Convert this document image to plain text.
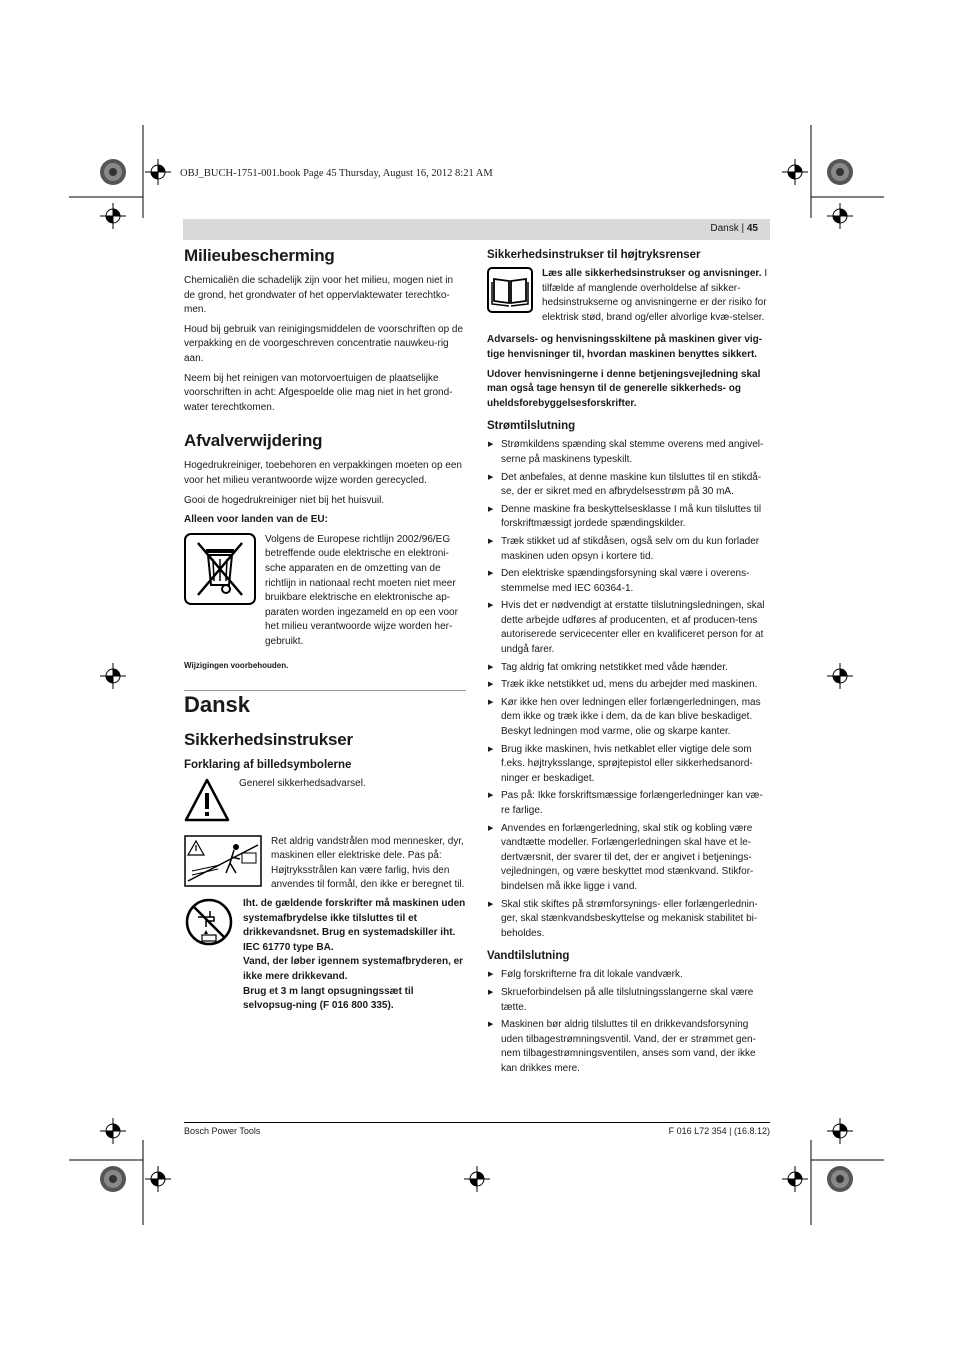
OBJ_BUCH-1751-001.book Page 45 Thursday, August 16, 2012 8:21 AM
Dansk | 45
Milieubescherming

Chemicaliën die schadelijk zijn voor het milieu, mogen niet in de grond, het grondwater of het oppervlaktewater terechtko-men.

Houd bij gebruik van reinigingsmiddelen de voorschriften op de verpakking en de voorgeschreven concentratie nauwkeu-rig aan.

Neem bij het reinigen van motorvoertuigen de plaatselijke voorschriften in acht: Afgespoelde olie mag niet in het grond-water terechtkomen.

Afvalverwijdering

Hogedrukreiniger, toebehoren en verpakkingen moeten op een voor het milieu verantwoorde wijze worden gerecycled.

Gooi de hogedrukreiniger niet bij het huisvuil.

Alleen voor landen van de EU:

Volgens de Europese richtlijn 2002/96/EG betreffende oude elektrische en elektroni-sche apparaten en de omzetting van de richtlijn in nationaal recht moeten niet meer bruikbare elektrische en elektronische ap-paraten worden ingezameld en op een voor het milieu verantwoorde wijze worden her-gebruikt.

Wijzigingen voorbehouden.

Dansk
Sikkerhedsinstrukser
Forklaring af billedsymbolerne
Generel sikkerhedsadvarsel.
Ret aldrig vandstrålen mod mennesker, dyr, maskinen eller elektriske dele. Pas på: Højtryksstrålen kan være farlig, hvis den anvendes til formål, den ikke er beregnet til.
Iht. de gældende forskrifter må maskinen uden systemafbrydelse ikke tilsluttes til et drikkevandsnet. Brug en systemadskiller iht. IEC 61770 type BA.
Vand, der løber igennem systemafbryderen, er ikke mere drikkevand.
Brug et 3 m langt opsugningssæt til selvopsug-ning (F 016 800 335).
Sikkerhedsinstrukser til højtryksrenser
Læs alle sikkerhedsinstrukser og anvisninger. I tilfælde af manglende overholdelse af sikker-hedsinstrukserne og anvisningerne er der risiko for elektrisk stød, brand og/eller alvorlige kvæ-stelser.

Advarsels- og henvisningsskiltene på maskinen giver vig-tige henvisninger til, hvordan maskinen benyttes sikkert.

Udover henvisningerne i denne betjeningsvejledning skal man også tage hensyn til de generelle sikkerheds- og uheldsforebyggelsesforskrifter.

Strømtilslutning
▶ Strømkildens spænding skal stemme overens med angivel-serne på maskinens typeskilt.
▶ Det anbefales, at denne maskine kun tilsluttes til en stikdå-se, der er sikret med en afbrydelsesstrøm på 30 mA.
▶ Denne maskine fra beskyttelsesklasse I må kun tilsluttes til forskriftmæssigt jordede spændingskilder.
▶ Træk stikket ud af stikdåsen, også selv om du kun forlader maskinen uden opsyn i kortere tid.
▶ Den elektriske spændingsforsyning skal være i overens-stemmelse med IEC 60364-1.
▶ Hvis det er nødvendigt at erstatte tilslutningsledningen, skal dette arbejde udføres af producenten, et af producen-tens autoriserede servicecenter eller en kvalificeret person for at undgå farer.
▶ Tag aldrig fat omkring netstikket med våde hænder.
▶ Træk ikke netstikket ud, mens du arbejder med maskinen.
▶ Kør ikke hen over ledningen eller forlængerledningen, mas dem ikke og træk ikke i dem, da de kan blive beskadiget. Beskyt ledningen mod varme, olie og skarpe kanter.
▶ Brug ikke maskinen, hvis netkablet eller vigtige dele som f.eks. højtryksslange, sprøjtepistol eller sikkerhedsanord-ninger er beskadiget.
▶ Pas på: Ikke forskriftsmæssige forlængerledninger kan væ-re farlige.
▶ Anvendes en forlængerledning, skal stik og kobling være vandtætte modeller. Forlængerledningen skal have et le-dertværsnit, der svarer til det, der er angivet i betjenings-vejledningen, og være beskyttet mod stænkvand. Stikfor-bindelsen må ikke ligge i vand.
▶ Skal stik skiftes på strømforsynings- eller forlængerlednin-ger, skal stænkvandsbeskyttelse og mekanisk stabilitet bi-beholdes.
Vandtilslutning
▶ Følg forskrifterne fra dit lokale vandværk.
▶ Skrueforbindelsen på alle tilslutningsslangerne skal være tætte.
▶ Maskinen bør aldrig tilsluttes til en drikkevandsforsyning uden tilbagestrømningsventil. Vand, der er strømmet gen-nem tilbagestrømningsventilen, anses som vand, der ikke kan drikkes mere.
Bosch Power Tools	F 016 L72 354 | (16.8.12)
